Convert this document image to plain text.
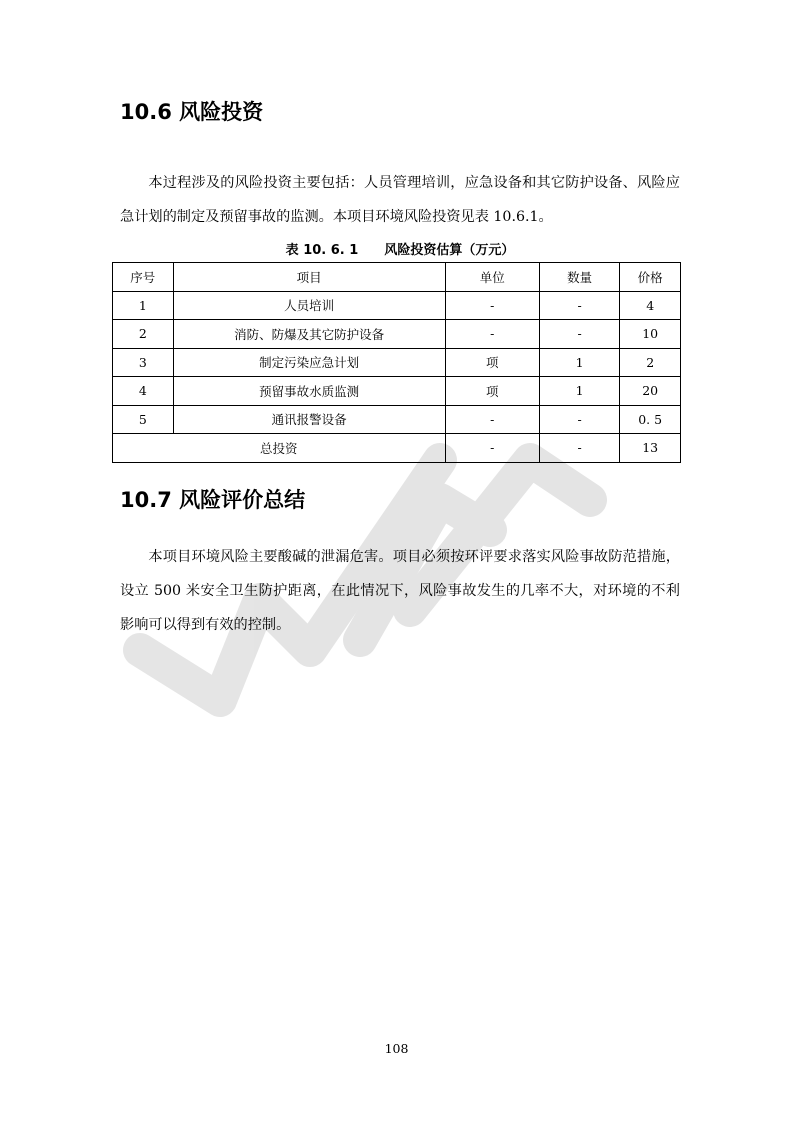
10.6 风险投资

本过程涉及的风险投资主要包括：人员管理培训，应急设备和其它防护设备、风险应急计划的制定及预留事故的监测。本项目环境风险投资见表 10.6.1。

表 10. 6. 1 风险投资估算（万元）
序号	项目	单位	数量	价格
1	人员培训	-	-	4
2	消防、防爆及其它防护设备	-	-	10
3	制定污染应急计划	项	1	2
4	预留事故水质监测	项	1	20
5	通讯报警设备	-	-	0. 5
总投资		-	-	13
10.7 风险评价总结

本项目环境风险主要酸碱的泄漏危害。项目必须按环评要求落实风险事故防范措施，设立 500 米安全卫生防护距离，在此情况下，风险事故发生的几率不大，对环境的不利影响可以得到有效的控制。

108
